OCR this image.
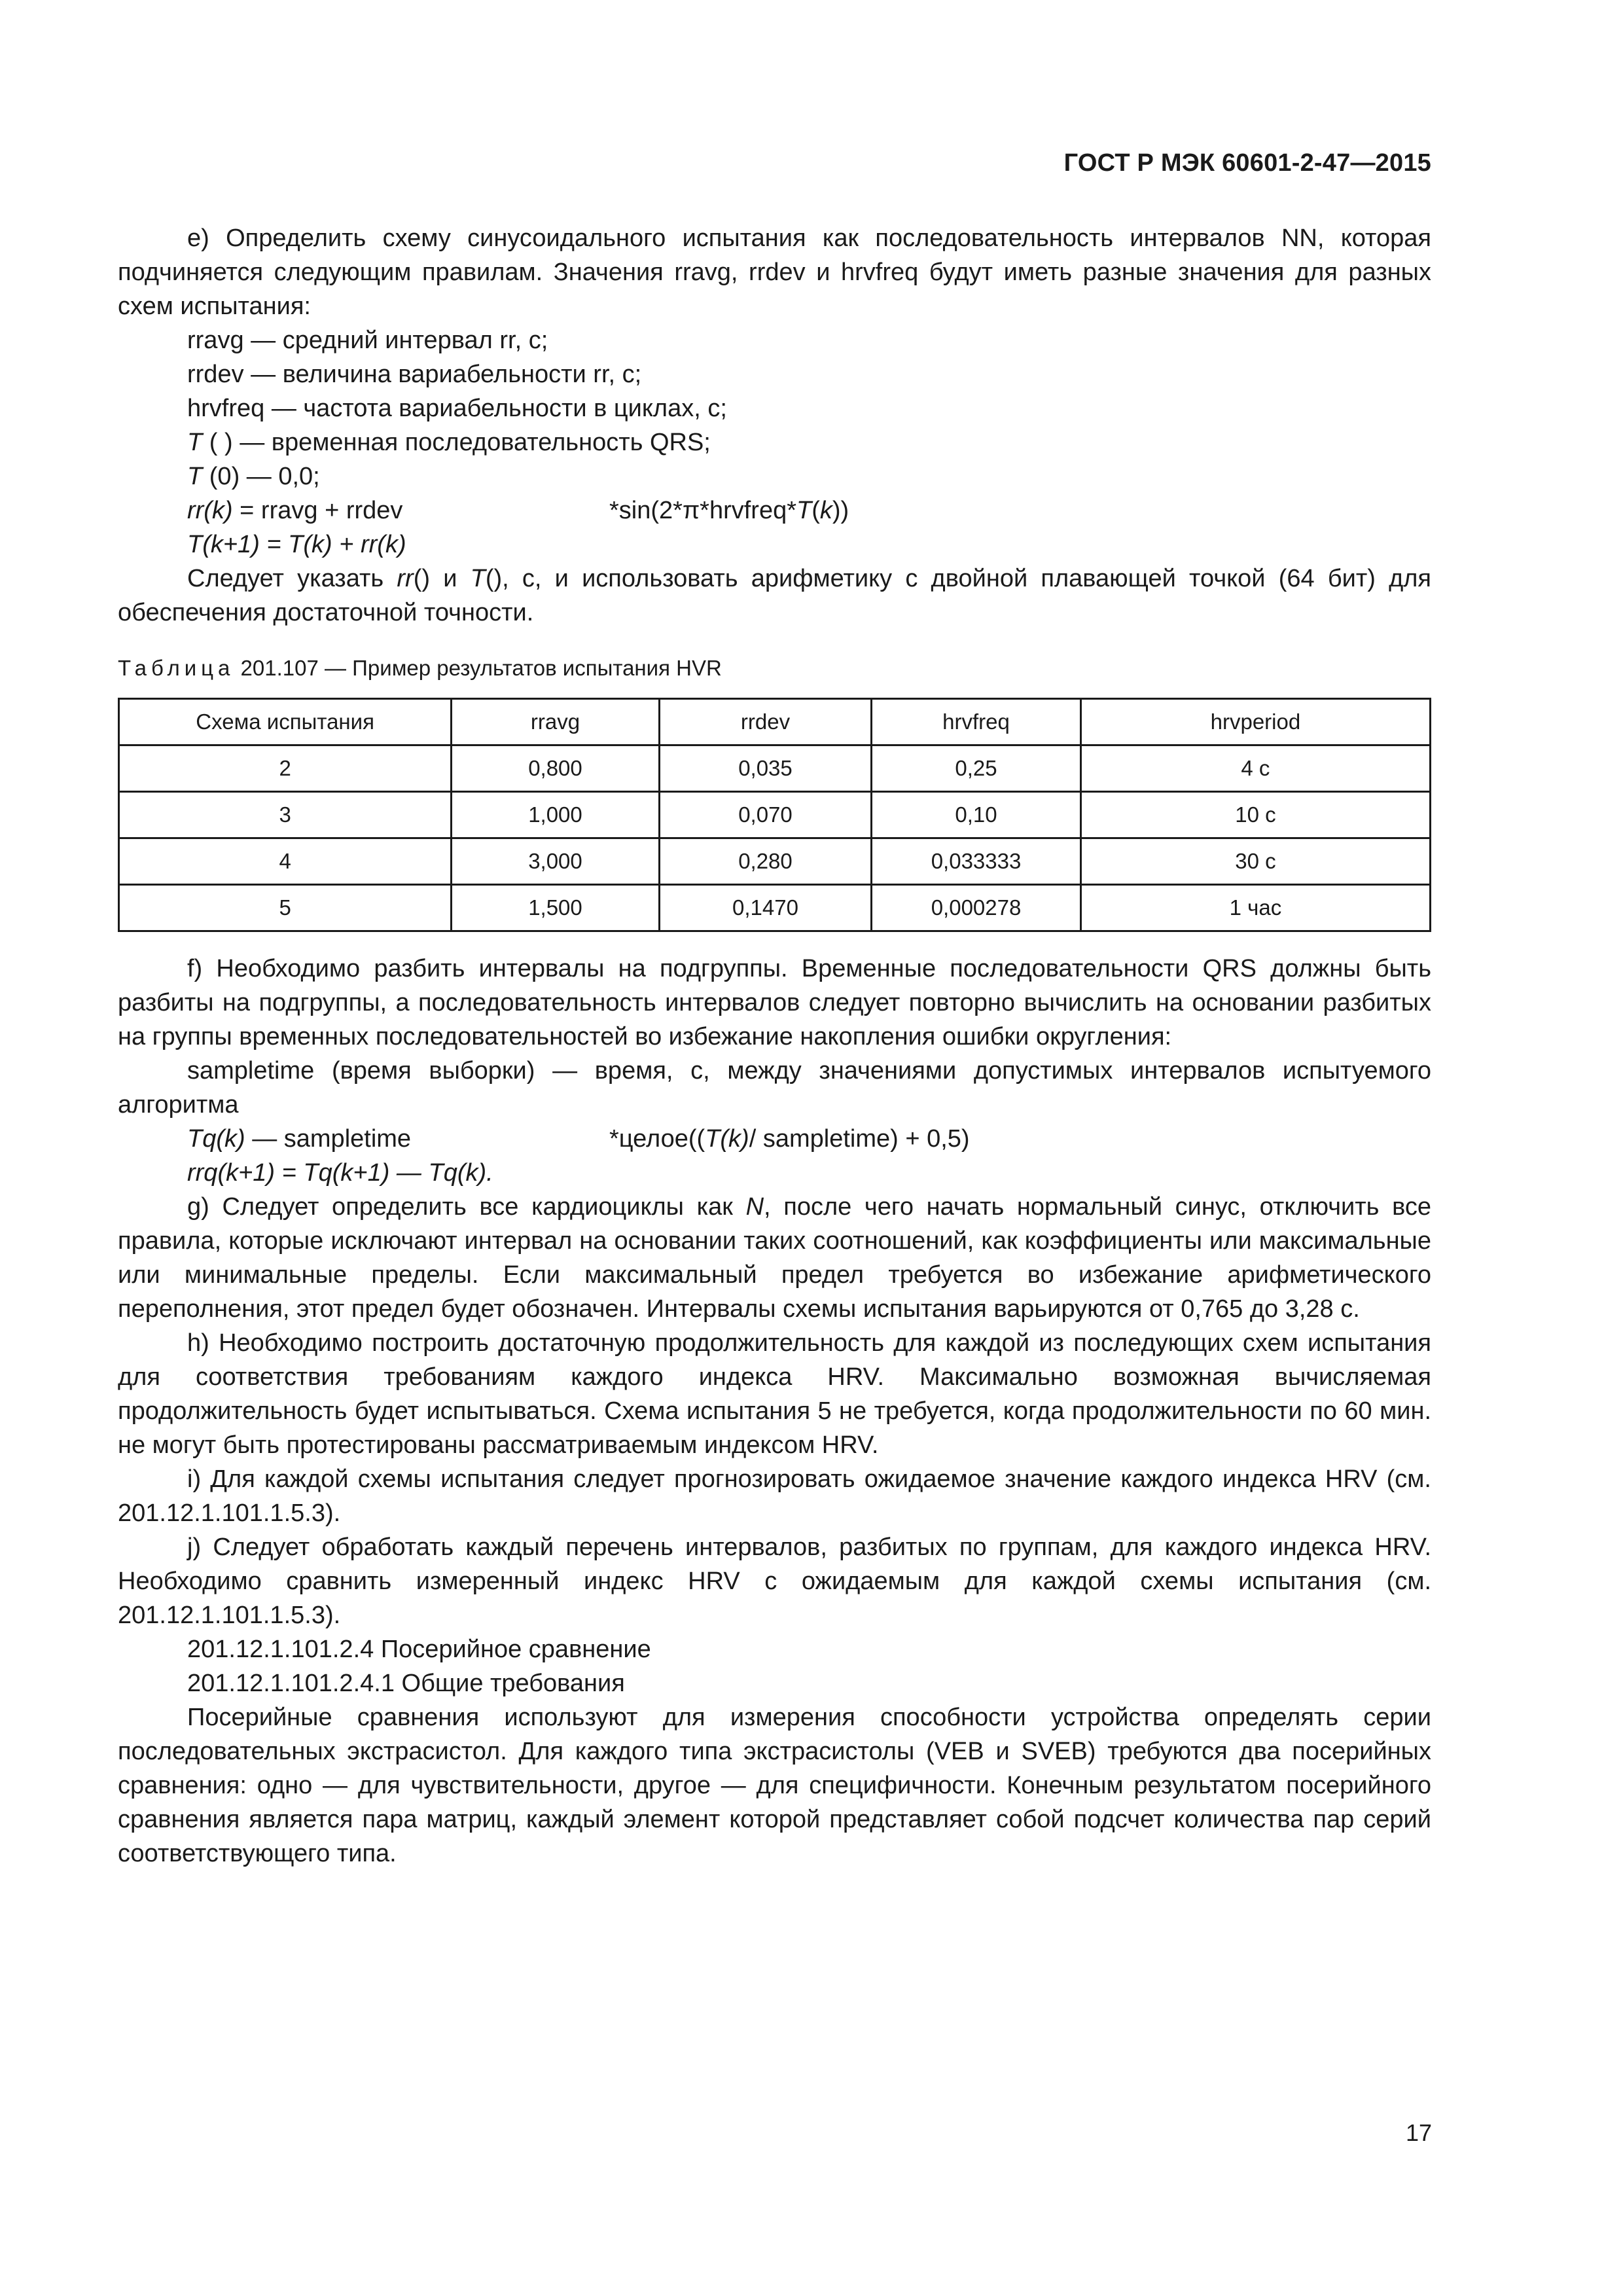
ГОСТ Р МЭК 60601-2-47—2015

e) Определить схему синусоидального испытания как последовательность интервалов NN, которая подчиняется следующим правилам. Значения rravg, rrdev и hrvfreq будут иметь разные значения для разных схем испытания:

rravg — средний интервал rr, с;

rrdev — величина вариабельности rr, с;

hrvfreq — частота вариабельности в циклах, с;

T ( ) — временная последовательность QRS;

T (0) — 0,0;

rr(k) = rravg + rrdev	*sin(2*π*hrvfreq*T(k))

T(k+1) = T(k) + rr(k)

Следует указать rr() и T(), с, и использовать арифметику с двойной плавающей точкой (64 бит) для обеспечения достаточной точности.

Таблица 201.107 — Пример результатов испытания HVR
Схема испытания	rravg	rrdev	hrvfreq	hrvperiod
2	0,800	0,035	0,25	4 с
3	1,000	0,070	0,10	10 с
4	3,000	0,280	0,033333	30 с
5	1,500	0,1470	0,000278	1 час

f) Необходимо разбить интервалы на подгруппы. Временные последовательности QRS должны быть разбиты на подгруппы, а последовательность интервалов следует повторно вычислить на основании разбитых на группы временных последовательностей во избежание накопления ошибки округления:

sampletime (время выборки) — время, с, между значениями допустимых интервалов испытуемого алгоритма

Tq(k) — sampletime	*целое((T(k)/ sampletime) + 0,5)

rrq(k+1) = Tq(k+1) — Tq(k).

g) Следует определить все кардиоциклы как N, после чего начать нормальный синус, отключить все правила, которые исключают интервал на основании таких соотношений, как коэффициенты или максимальные или минимальные пределы. Если максимальный предел требуется во избежание арифметического переполнения, этот предел будет обозначен. Интервалы схемы испытания варьируются от 0,765 до 3,28 с.

h) Необходимо построить достаточную продолжительность для каждой из последующих схем испытания для соответствия требованиям каждого индекса HRV. Максимально возможная вычисляемая продолжительность будет испытываться. Схема испытания 5 не требуется, когда продолжительности по 60 мин. не могут быть протестированы рассматриваемым индексом HRV.

i) Для каждой схемы испытания следует прогнозировать ожидаемое значение каждого индекса HRV (см. 201.12.1.101.1.5.3).

j) Следует обработать каждый перечень интервалов, разбитых по группам, для каждого индекса HRV. Необходимо сравнить измеренный индекс HRV с ожидаемым для каждой схемы испытания (см. 201.12.1.101.1.5.3).

201.12.1.101.2.4 Посерийное сравнение

201.12.1.101.2.4.1 Общие требования

Посерийные сравнения используют для измерения способности устройства определять серии последовательных экстрасистол. Для каждого типа экстрасистолы (VEB и SVEB) требуются два посерийных сравнения: одно — для чувствительности, другое — для специфичности. Конечным результатом посерийного сравнения является пара матриц, каждый элемент которой представляет собой подсчет количества пар серий соответствующего типа.

17
